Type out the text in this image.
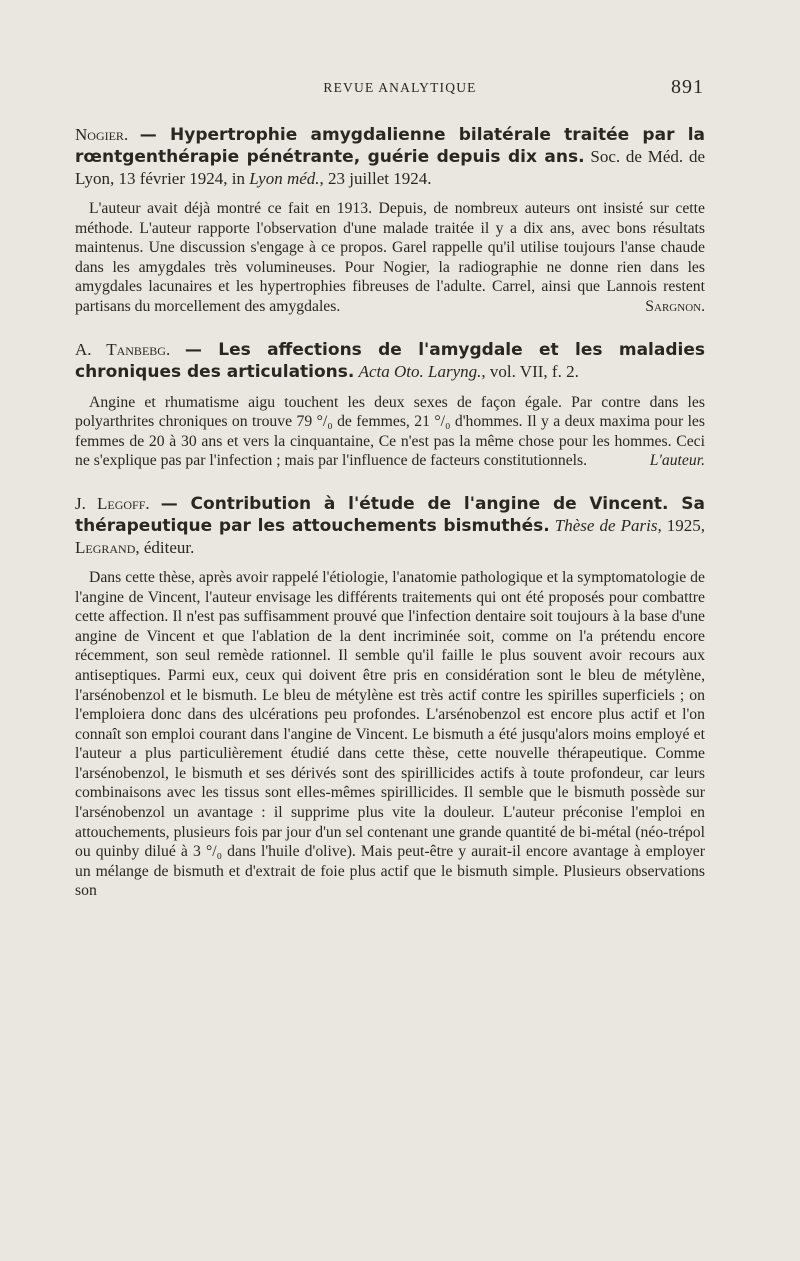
REVUE ANALYTIQUE	891

Nogier. — Hypertrophie amygdalienne bilatérale traitée par la rœntgenthérapie pénétrante, guérie depuis dix ans. Soc. de Méd. de Lyon, 13 février 1924, in Lyon méd., 23 juillet 1924.

L'auteur avait déjà montré ce fait en 1913. Depuis, de nombreux auteurs ont insisté sur cette méthode. L'auteur rapporte l'observation d'une malade traitée il y a dix ans, avec bons résultats maintenus. Une discussion s'engage à ce propos. Garel rappelle qu'il utilise toujours l'anse chaude dans les amygdales très volumineuses. Pour Nogier, la radiographie ne donne rien dans les amygdales lacunaires et les hypertrophies fibreuses de l'adulte. Carrel, ainsi que Lannois restent partisans du morcellement des amygdales.	Sargnon.

A. Tanbebg. — Les affections de l'amygdale et les maladies chroniques des articulations. Acta Oto. Laryng., vol. VII, f. 2.

Angine et rhumatisme aigu touchent les deux sexes de façon égale. Par contre dans les polyarthrites chroniques on trouve 79 °/₀ de femmes, 21 °/₀ d'hommes. Il y a deux maxima pour les femmes de 20 à 30 ans et vers la cinquantaine, Ce n'est pas la même chose pour les hommes. Ceci ne s'explique pas par l'infection ; mais par l'influence de facteurs constitutionnels.	L'auteur.

J. Legoff. — Contribution à l'étude de l'angine de Vincent. Sa thérapeutique par les attouchements bismuthés. Thèse de Paris, 1925, Legrand, éditeur.

Dans cette thèse, après avoir rappelé l'étiologie, l'anatomie pathologique et la symptomatologie de l'angine de Vincent, l'auteur envisage les différents traitements qui ont été proposés pour combattre cette affection. Il n'est pas suffisamment prouvé que l'infection dentaire soit toujours à la base d'une angine de Vincent et que l'ablation de la dent incriminée soit, comme on l'a prétendu encore récemment, son seul remède rationnel. Il semble qu'il faille le plus souvent avoir recours aux antiseptiques. Parmi eux, ceux qui doivent être pris en considération sont le bleu de métylène, l'arsénobenzol et le bismuth. Le bleu de métylène est très actif contre les spirilles superficiels ; on l'emploiera donc dans des ulcérations peu profondes. L'arsénobenzol est encore plus actif et l'on connaît son emploi courant dans l'angine de Vincent. Le bismuth a été jusqu'alors moins employé et l'auteur a plus particulièrement étudié dans cette thèse, cette nouvelle thérapeutique. Comme l'arsénobenzol, le bismuth et ses dérivés sont des spirillicides actifs à toute profondeur, car leurs combinaisons avec les tissus sont elles-mêmes spirillicides. Il semble que le bismuth possède sur l'arsénobenzol un avantage : il supprime plus vite la douleur. L'auteur préconise l'emploi en attouchements, plusieurs fois par jour d'un sel contenant une grande quantité de bi-métal (néo-trépol ou quinby dilué à 3 °/₀ dans l'huile d'olive). Mais peut-être y aurait-il encore avantage à employer un mélange de bismuth et d'extrait de foie plus actif que le bismuth simple. Plusieurs observations son
